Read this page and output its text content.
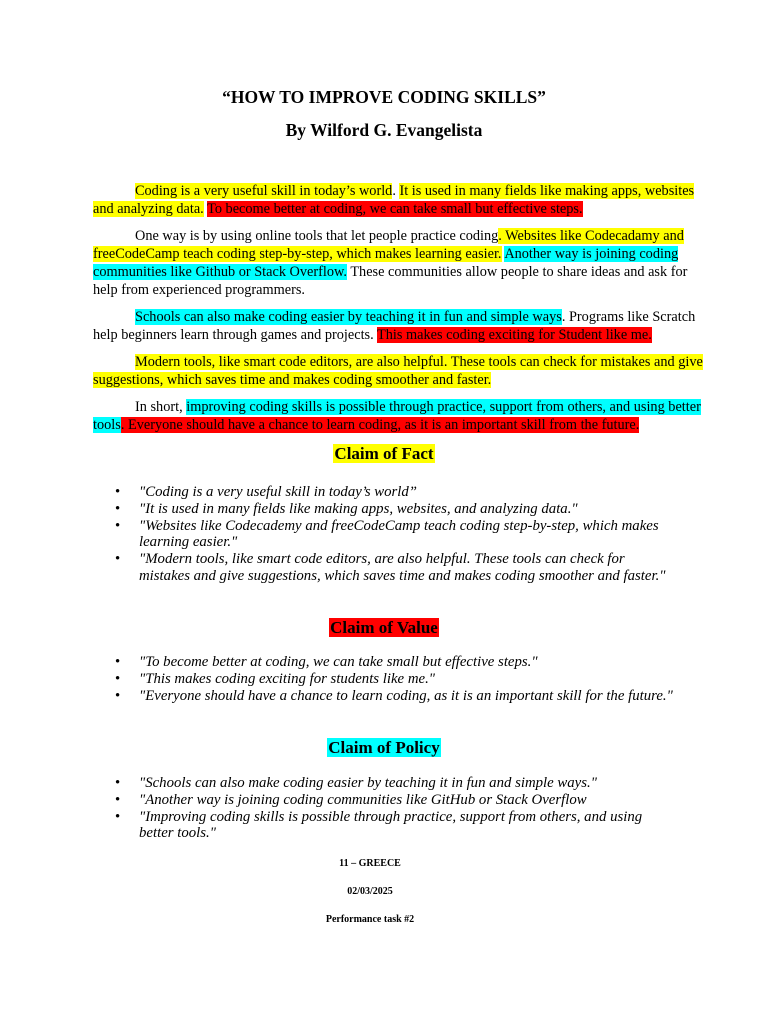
“HOW TO IMPROVE CODING SKILLS”
By Wilford G. Evangelista

Coding is a very useful skill in today’s world. It is used in many fields like making apps, websites and analyzing data. To become better at coding, we can take small but effective steps.

One way is by using online tools that let people practice coding. Websites like Codecadamy and freeCodeCamp teach coding step-by-step, which makes learning easier. Another way is joining coding communities like Github or Stack Overflow. These communities allow people to share ideas and ask for help from experienced programmers.

Schools can also make coding easier by teaching it in fun and simple ways. Programs like Scratch help beginners learn through games and projects. This makes coding exciting for Student like me.

Modern tools, like smart code editors, are also helpful. These tools can check for mistakes and give suggestions, which saves time and makes coding smoother and faster.

In short, improving coding skills is possible through practice, support from others, and using better tools. Everyone should have a chance to learn coding, as it is an important skill from the future.

Claim of Fact
• "Coding is a very useful skill in today’s world”
• "It is used in many fields like making apps, websites, and analyzing data."
• "Websites like Codecademy and freeCodeCamp teach coding step-by-step, which makes learning easier."
• "Modern tools, like smart code editors, are also helpful. These tools can check for mistakes and give suggestions, which saves time and makes coding smoother and faster."
Claim of Value
• "To become better at coding, we can take small but effective steps."
• "This makes coding exciting for students like me."
• "Everyone should have a chance to learn coding, as it is an important skill for the future."
Claim of Policy
• "Schools can also make coding easier by teaching it in fun and simple ways."
• "Another way is joining coding communities like GitHub or Stack Overflow
• "Improving coding skills is possible through practice, support from others, and using better tools."
11 – GREECE
02/03/2025
Performance task #2
